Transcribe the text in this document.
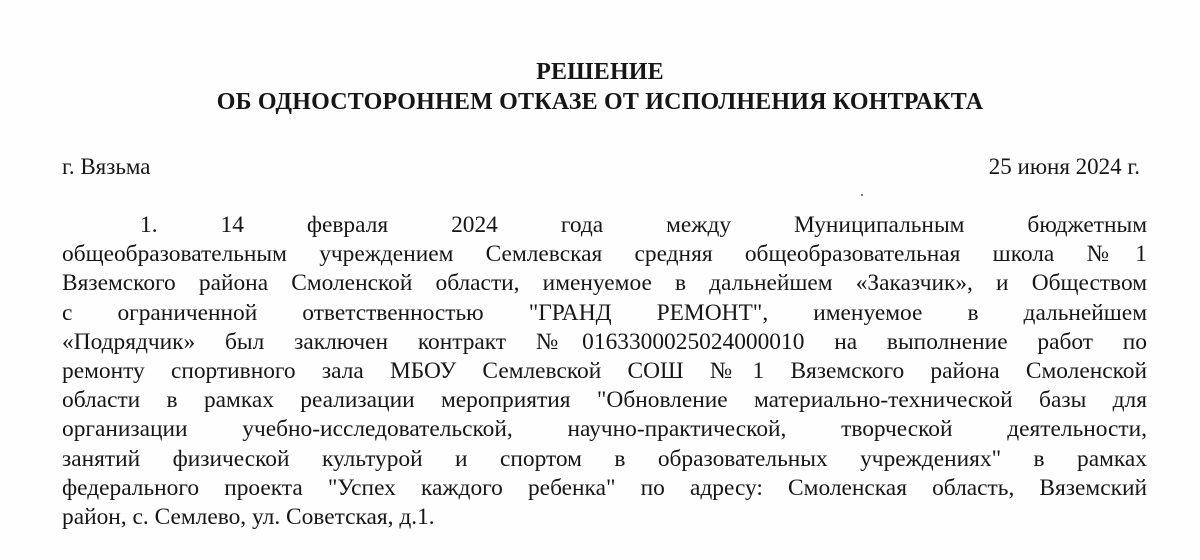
РЕШЕНИЕ
ОБ ОДНОСТОРОННЕМ ОТКАЗЕ ОТ ИСПОЛНЕНИЯ КОНТРАКТА
г. Вязьма	25 июня 2024 г.
1. 14 февраля 2024 года между Муниципальным бюджетным
общеобразовательным учреждением Семлевская средняя общеобразовательная школа №1
Вяземского района Смоленской области, именуемое в дальнейшем «Заказчик», и Обществом
с ограниченной ответственностью "ГРАНД РЕМОНТ", именуемое в дальнейшем
«Подрядчик» был заключен контракт №0163300025024000010 на выполнение работ по
ремонту спортивного зала МБОУ Семлевской СОШ №1 Вяземского района Смоленской
области в рамках реализации мероприятия "Обновление материально-технической базы для
организации учебно-исследовательской, научно-практической, творческой деятельности,
занятий физической культурой и спортом в образовательных учреждениях" в рамках
федерального проекта "Успех каждого ребенка" по адресу: Смоленская область, Вяземский
район, с. Семлево, ул. Советская, д.1.
